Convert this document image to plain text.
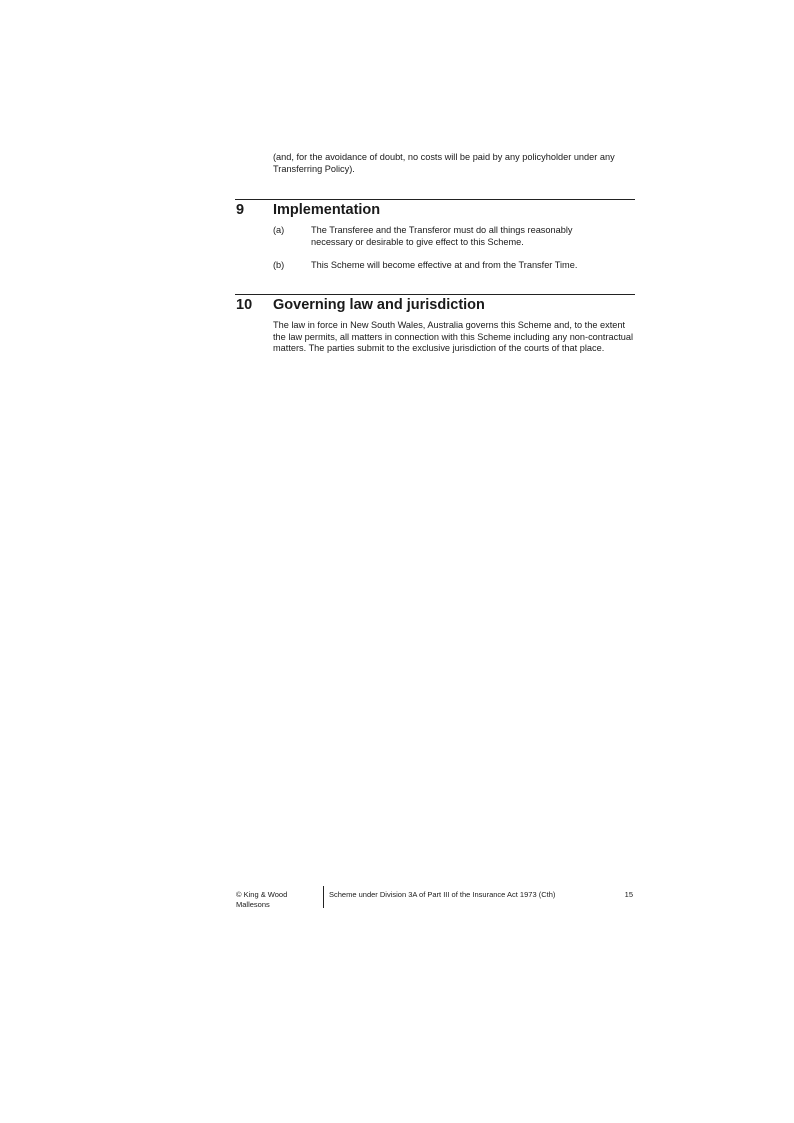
(and, for the avoidance of doubt, no costs will be paid by any policyholder under any Transferring Policy).
9 Implementation
(a)	The Transferee and the Transferor must do all things reasonably necessary or desirable to give effect to this Scheme.
(b)	This Scheme will become effective at and from the Transfer Time.
10 Governing law and jurisdiction
The law in force in New South Wales, Australia governs this Scheme and, to the extent the law permits, all matters in connection with this Scheme including any non-contractual matters. The parties submit to the exclusive jurisdiction of the courts of that place.
© King & Wood Mallesons
Scheme under Division 3A of Part III of the Insurance Act 1973 (Cth)	15
